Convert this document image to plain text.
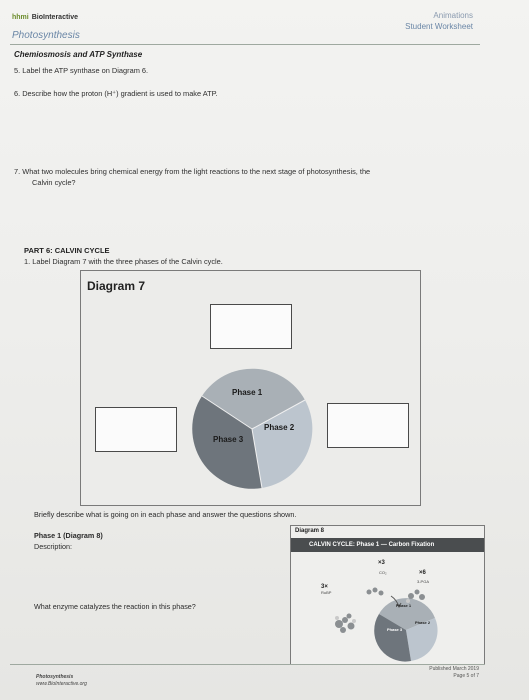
hhmi BioInteractive
Photosynthesis
Animations
Student Worksheet
Chemiosmosis and ATP Synthase
5. Label the ATP synthase on Diagram 6.
6. Describe how the proton (H⁺) gradient is used to make ATP.
7. What two molecules bring chemical energy from the light reactions to the next stage of photosynthesis, the
Calvin cycle?
PART 6: CALVIN CYCLE
1. Label Diagram 7 with the three phases of the Calvin cycle.
Diagram 7
Phase 1
Phase 2
Phase 3
Briefly describe what is going on in each phase and answer the questions shown.
Phase 1 (Diagram 8)
Description:
What enzyme catalyzes the reaction in this phase?
Diagram 8
CALVIN CYCLE: Phase 1 — Carbon Fixation
×3
CO₂	×6
3-PGA
3×
RuBP
Phase 1
Phase 2
Phase 3
Photosynthesis
www.BioInteractive.org
Published March 2019
Page 5 of 7
